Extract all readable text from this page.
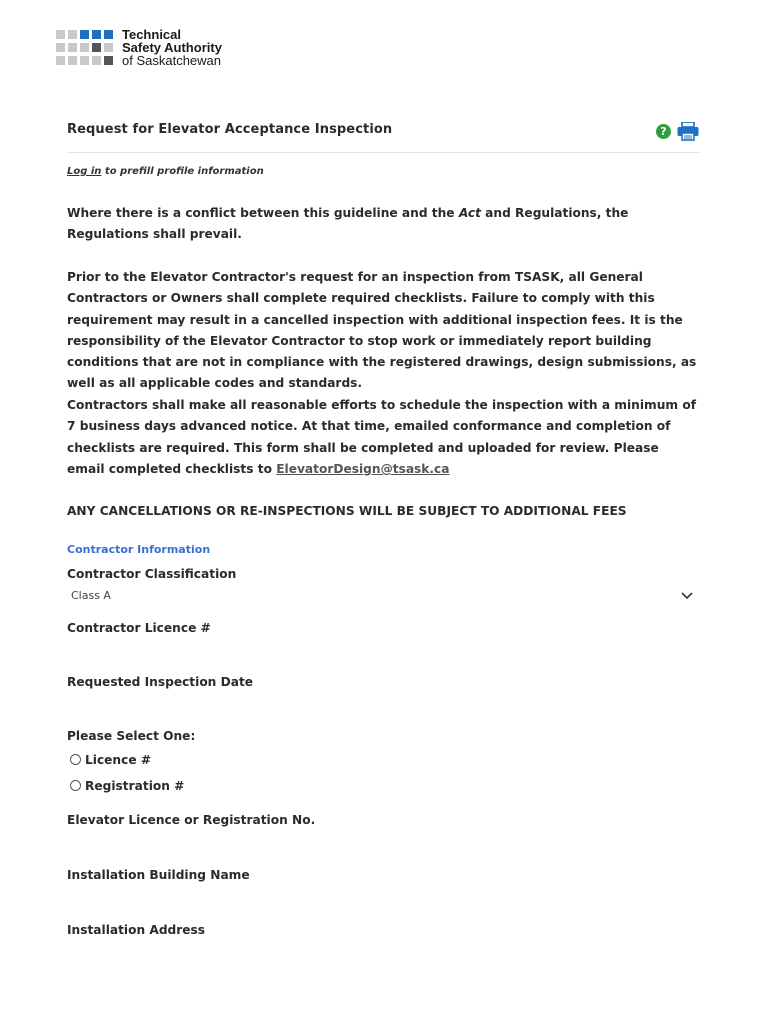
Technical
Safety Authority
of Saskatchewan
Request for Elevator Acceptance Inspection	?
Log in to prefill profile information
Where there is a conflict between this guideline and the Act and Regulations, the Regulations shall prevail.
Prior to the Elevator Contractor's request for an inspection from TSASK, all General Contractors or Owners shall complete required checklists. Failure to comply with this requirement may result in a cancelled inspection with additional inspection fees. It is the responsibility of the Elevator Contractor to stop work or immediately report building conditions that are not in compliance with the registered drawings, design submissions, as well as all applicable codes and standards.
Contractors shall make all reasonable efforts to schedule the inspection with a minimum of 7 business days advanced notice. At that time, emailed conformance and completion of checklists are required. This form shall be completed and uploaded for review. Please email completed checklists to ElevatorDesign@tsask.ca
ANY CANCELLATIONS OR RE-INSPECTIONS WILL BE SUBJECT TO ADDITIONAL FEES
Contractor Information
Contractor Classification
Class A
Contractor Licence #
Requested Inspection Date
Please Select One:
Licence #
Registration #
Elevator Licence or Registration No.
Installation Building Name
Installation Address
